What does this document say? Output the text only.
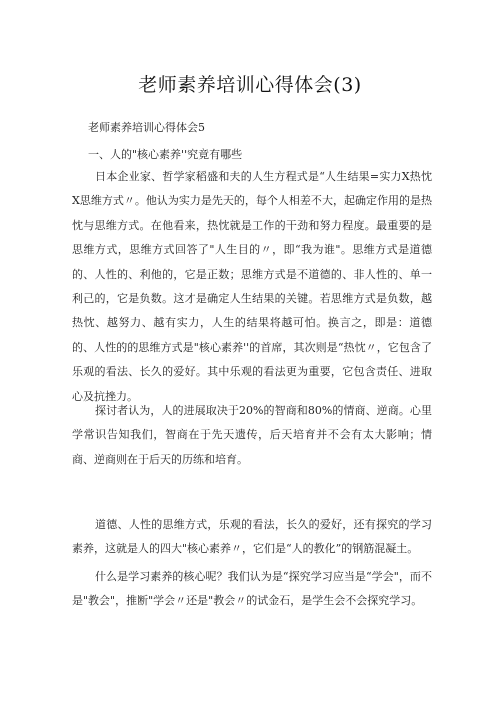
老师素养培训心得体会(3)
老师素养培训心得体会5
一、人的"核心素养''究竟有哪些

日本企业家、哲学家稻盛和夫的人生方程式是“人生结果=实力X热忱X思维方式〃。他认为实力是先天的，每个人相差不大，起确定作用的是热忱与思维方式。在他看来，热忱就是工作的干劲和努力程度。最重要的是思维方式，思维方式回答了"人生目的〃，即“我为谁"。思维方式是道德的、人性的、利他的，它是正数；思维方式是不道德的、非人性的、单一利己的，它是负数。这才是确定人生结果的关键。若思维方式是负数，越热忱、越努力、越有实力，人生的结果将越可怕。换言之，即是：道德的、人性的的思维方式是"核心素养''的首席，其次则是“热忱〃，它包含了乐观的看法、长久的爱好。其中乐观的看法更为重要，它包含责任、进取心及抗挫力。

探讨者认为，人的进展取决于20%的智商和80%的情商、逆商。心里学常识告知我们，智商在于先天遗传，后天培育并不会有太大影响；情商、逆商则在于后天的历练和培育。

道德、人性的思维方式，乐观的看法，长久的爱好，还有探究的学习素养，这就是人的四大"核心素养〃，它们是“人的教化”的钢筋混凝土。

什么是学习素养的核心呢？我们认为是“探究学习应当是“学会"，而不是"教会"，推断"学会〃还是"教会〃的试金石，是学生会不会探究学习。
